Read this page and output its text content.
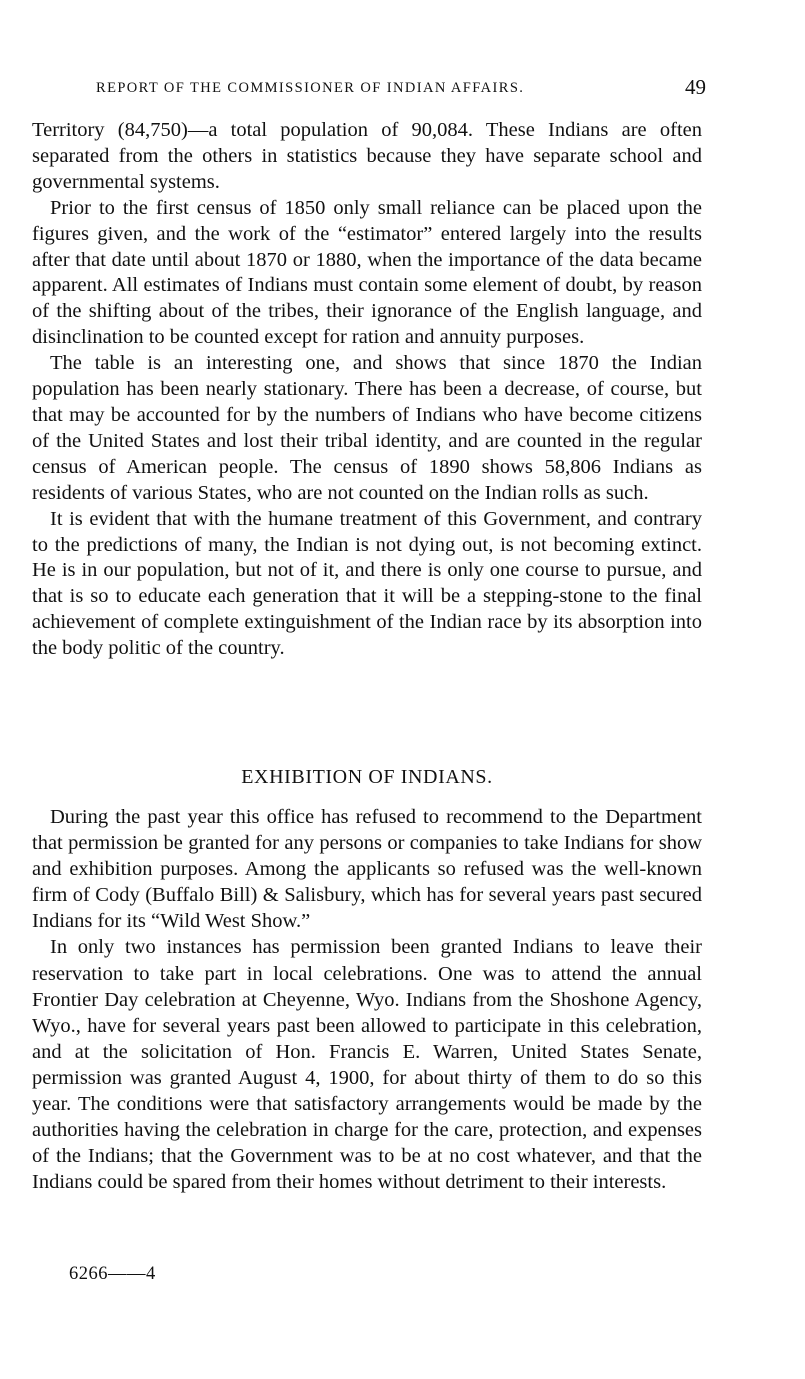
REPORT OF THE COMMISSIONER OF INDIAN AFFAIRS.	49

Territory (84,750)—a total population of 90,084. These Indians are often separated from the others in statistics because they have separate school and governmental systems.

Prior to the first census of 1850 only small reliance can be placed upon the figures given, and the work of the “estimator” entered largely into the results after that date until about 1870 or 1880, when the importance of the data became apparent. All estimates of Indians must contain some element of doubt, by reason of the shifting about of the tribes, their ignorance of the English language, and disinclination to be counted except for ration and annuity purposes.

The table is an interesting one, and shows that since 1870 the Indian population has been nearly stationary. There has been a decrease, of course, but that may be accounted for by the numbers of Indians who have become citizens of the United States and lost their tribal identity, and are counted in the regular census of American people. The census of 1890 shows 58,806 Indians as residents of various States, who are not counted on the Indian rolls as such.

It is evident that with the humane treatment of this Government, and contrary to the predictions of many, the Indian is not dying out, is not becoming extinct. He is in our population, but not of it, and there is only one course to pursue, and that is so to educate each generation that it will be a stepping-stone to the final achievement of complete extinguishment of the Indian race by its absorption into the body politic of the country.

EXHIBITION OF INDIANS.

During the past year this office has refused to recommend to the Department that permission be granted for any persons or companies to take Indians for show and exhibition purposes. Among the applicants so refused was the well-known firm of Cody (Buffalo Bill) & Salisbury, which has for several years past secured Indians for its “Wild West Show.”

In only two instances has permission been granted Indians to leave their reservation to take part in local celebrations. One was to attend the annual Frontier Day celebration at Cheyenne, Wyo. Indians from the Shoshone Agency, Wyo., have for several years past been allowed to participate in this celebration, and at the solicitation of Hon. Francis E. Warren, United States Senate, permission was granted August 4, 1900, for about thirty of them to do so this year. The conditions were that satisfactory arrangements would be made by the authorities having the celebration in charge for the care, protection, and expenses of the Indians; that the Government was to be at no cost whatever, and that the Indians could be spared from their homes without detriment to their interests.

6266——4
